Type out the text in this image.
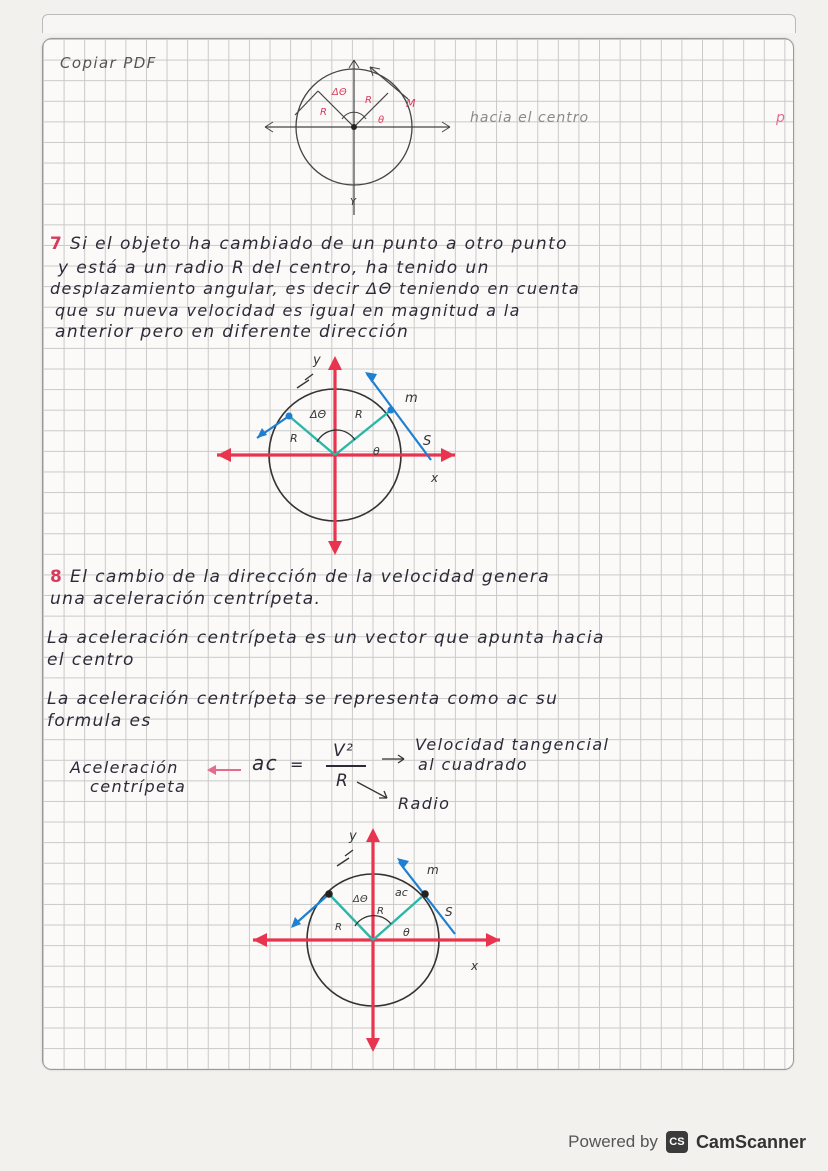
Copiar PDF
hacia el centro	p
ΔΘ
R
R
θ
M
Y
7 Si el objeto ha cambiado de un punto a otro punto
y está a un radio R del centro, ha tenido un
desplazamiento angular, es decir ΔΘ teniendo en cuenta
que su nueva velocidad es igual en magnitud a la
anterior pero en diferente dirección
y
ΔΘ
R
R
θ
m
S
x
8 El cambio de la dirección de la velocidad genera
una aceleración centrípeta.
La aceleración centrípeta es un vector que apunta hacia
el centro
La aceleración centrípeta se representa como ac su
formula es
Aceleración
centrípeta
ac =
V²
R
Velocidad tangencial
al cuadrado
Radio
y
ΔΘ
ac
R
R
θ
m
S
x
Powered by	CS CamScanner
